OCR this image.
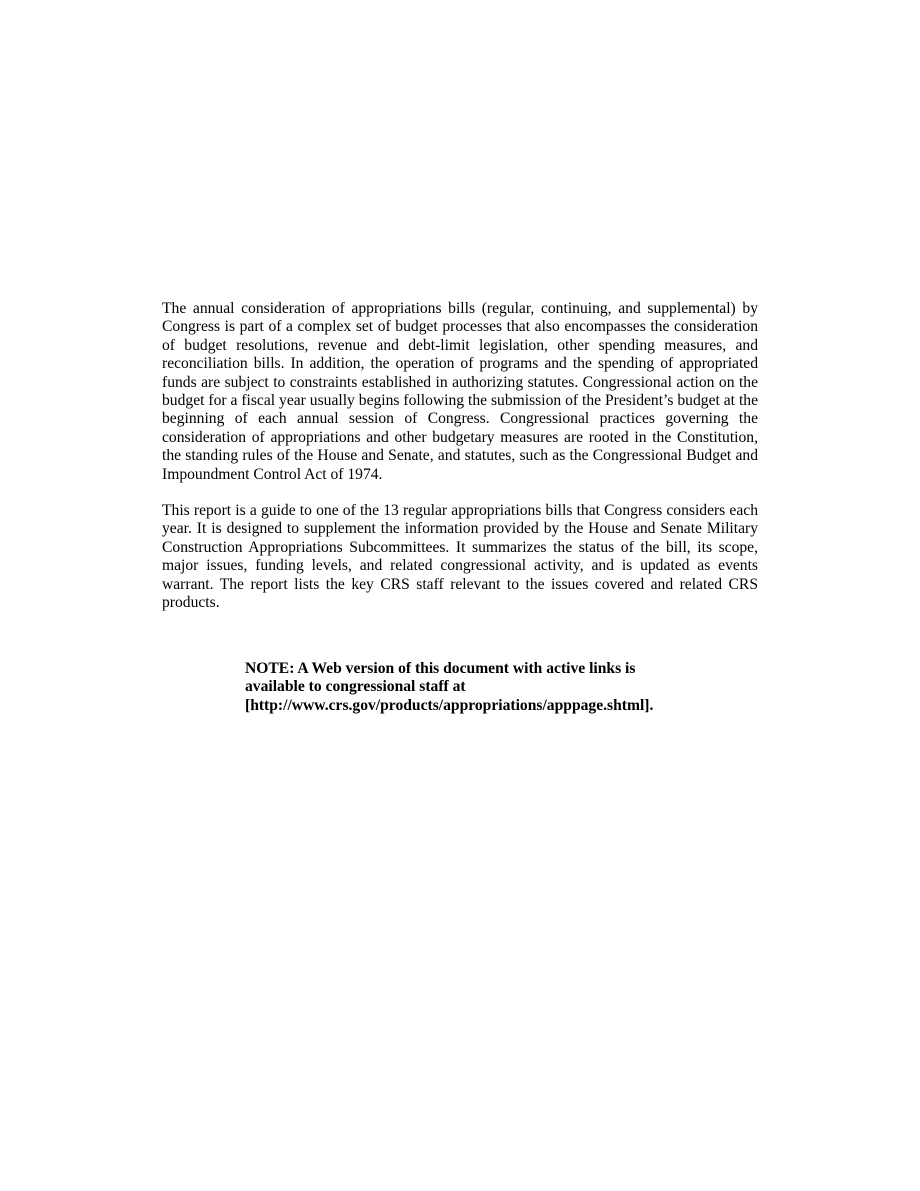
The annual consideration of appropriations bills (regular, continuing, and supplemental) by Congress is part of a complex set of budget processes that also encompasses the consideration of budget resolutions, revenue and debt-limit legislation, other spending measures, and reconciliation bills. In addition, the operation of programs and the spending of appropriated funds are subject to constraints established in authorizing statutes. Congressional action on the budget for a fiscal year usually begins following the submission of the President’s budget at the beginning of each annual session of Congress. Congressional practices governing the consideration of appropriations and other budgetary measures are rooted in the Constitution, the standing rules of the House and Senate, and statutes, such as the Congressional Budget and Impoundment Control Act of 1974.

This report is a guide to one of the 13 regular appropriations bills that Congress considers each year. It is designed to supplement the information provided by the House and Senate Military Construction Appropriations Subcommittees. It summarizes the status of the bill, its scope, major issues, funding levels, and related congressional activity, and is updated as events warrant. The report lists the key CRS staff relevant to the issues covered and related CRS products.

NOTE: A Web version of this document with active links is
available to congressional staff at
[http://www.crs.gov/products/appropriations/apppage.shtml].
